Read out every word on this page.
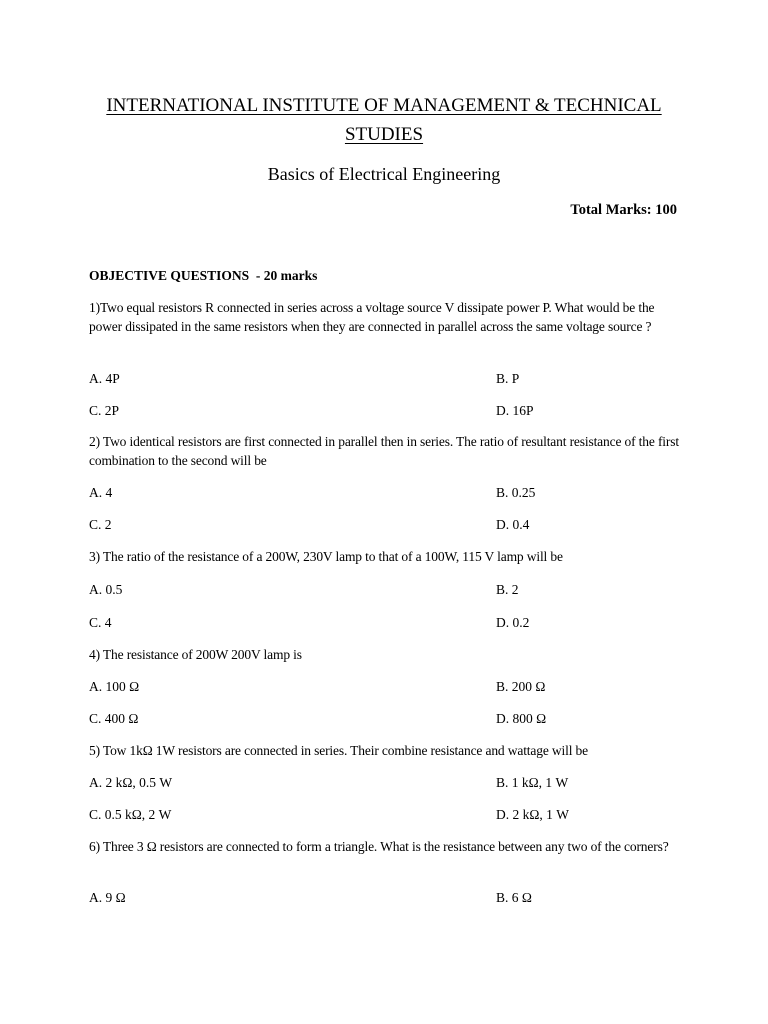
INTERNATIONAL INSTITUTE OF MANAGEMENT & TECHNICAL STUDIES
Basics of Electrical Engineering
Total Marks: 100
OBJECTIVE QUESTIONS  - 20 marks
1)Two equal resistors R connected in series across a voltage source V dissipate power P. What would be the power dissipated in the same resistors when they are connected in parallel across the same voltage source ?
A. 4P	B. P
C. 2P	D. 16P
2) Two identical resistors are first connected in parallel then in series. The ratio of resultant resistance of the first combination to the second will be
A. 4	B. 0.25
C. 2	D. 0.4
3) The ratio of the resistance of a 200W, 230V lamp to that of a 100W, 115 V lamp will be
A. 0.5	B. 2
C. 4	D. 0.2
4) The resistance of 200W 200V lamp is
A. 100 Ω	B. 200 Ω
C. 400 Ω	D. 800 Ω
5) Tow 1kΩ 1W resistors are connected in series. Their combine resistance and wattage will be
A. 2 kΩ, 0.5 W	B. 1 kΩ, 1 W
C. 0.5 kΩ, 2 W	D. 2 kΩ, 1 W
6) Three 3 Ω resistors are connected to form a triangle. What is the resistance between any two of the corners?
A. 9 Ω	B. 6 Ω
